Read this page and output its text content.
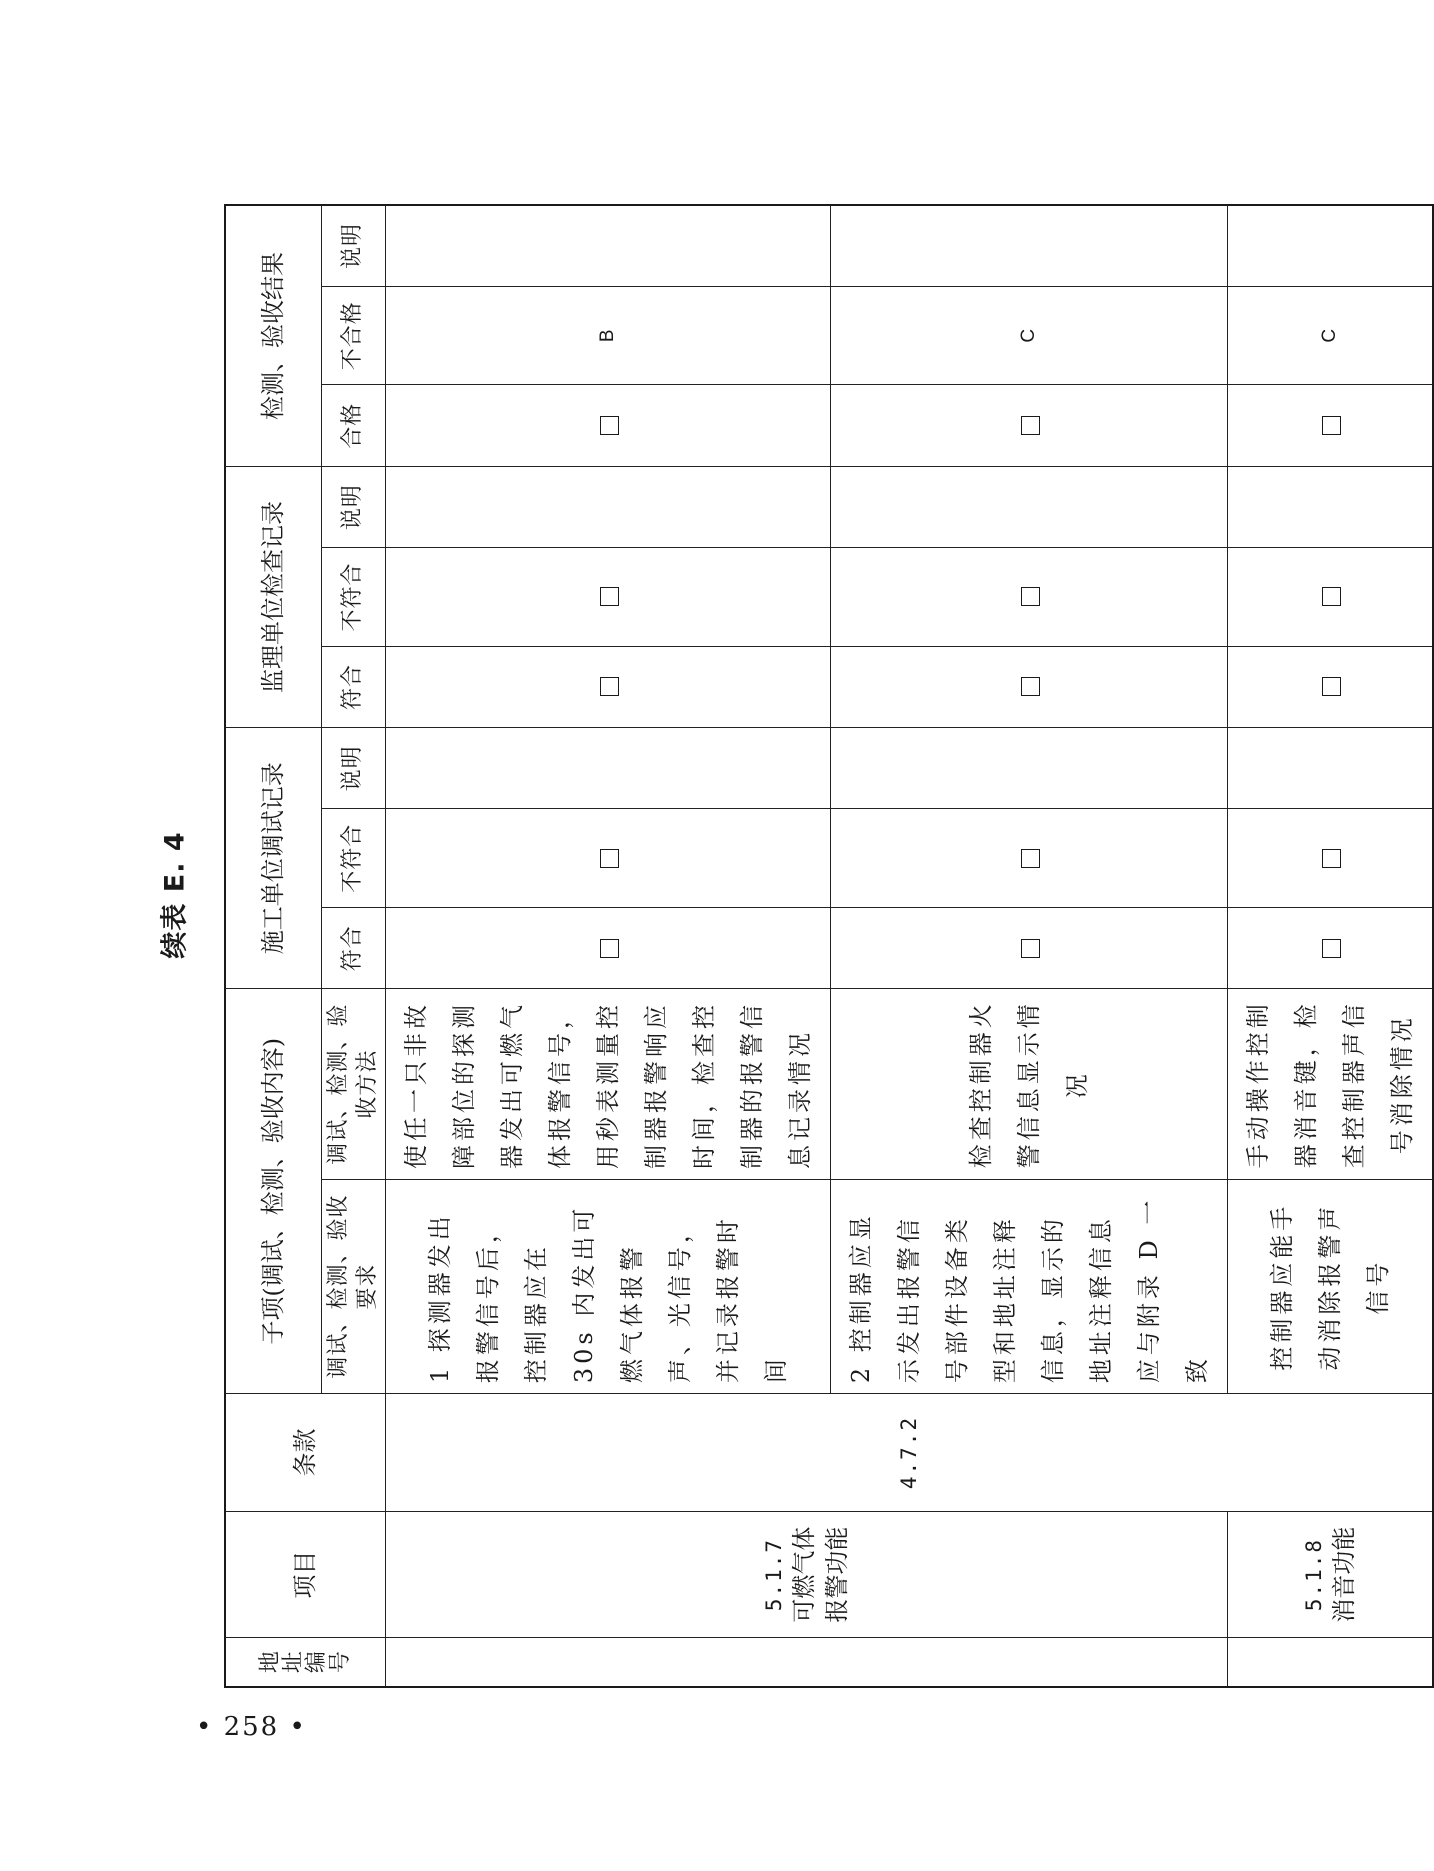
续表 E. 4
• 258 •
地址编号	项目	条款	子项(调试、检测、验收内容)		施工单位调试记录			监理单位检查记录			检测、验收结果		
			调试、检测、验收要求	调试、检测、验收方法	符合	不符合	说明	符合	不符合	说明	合格	不合格	说明

	5.1.7 可燃气体报警功能	4.7.2	1 探测器发出报警信号后，控制器应在 30s 内发出可燃气体报警声、光信号，并记录报警时间	使任一只非故障部位的探测器发出可燃气体报警信号，用秒表测量控制器报警响应时间，检查控制器的报警信息记录情况								B	
			2 控制器应显示发出报警信号部件设备类型和地址注释信息，显示的地址注释信息应与附录 D 一致	检查控制器火警信息显示情况								C	

	5.1.8 消音功能		控制器应能手动消除报警声信号	手动操作控制器消音键，检查控制器声信号消除情况								C	
